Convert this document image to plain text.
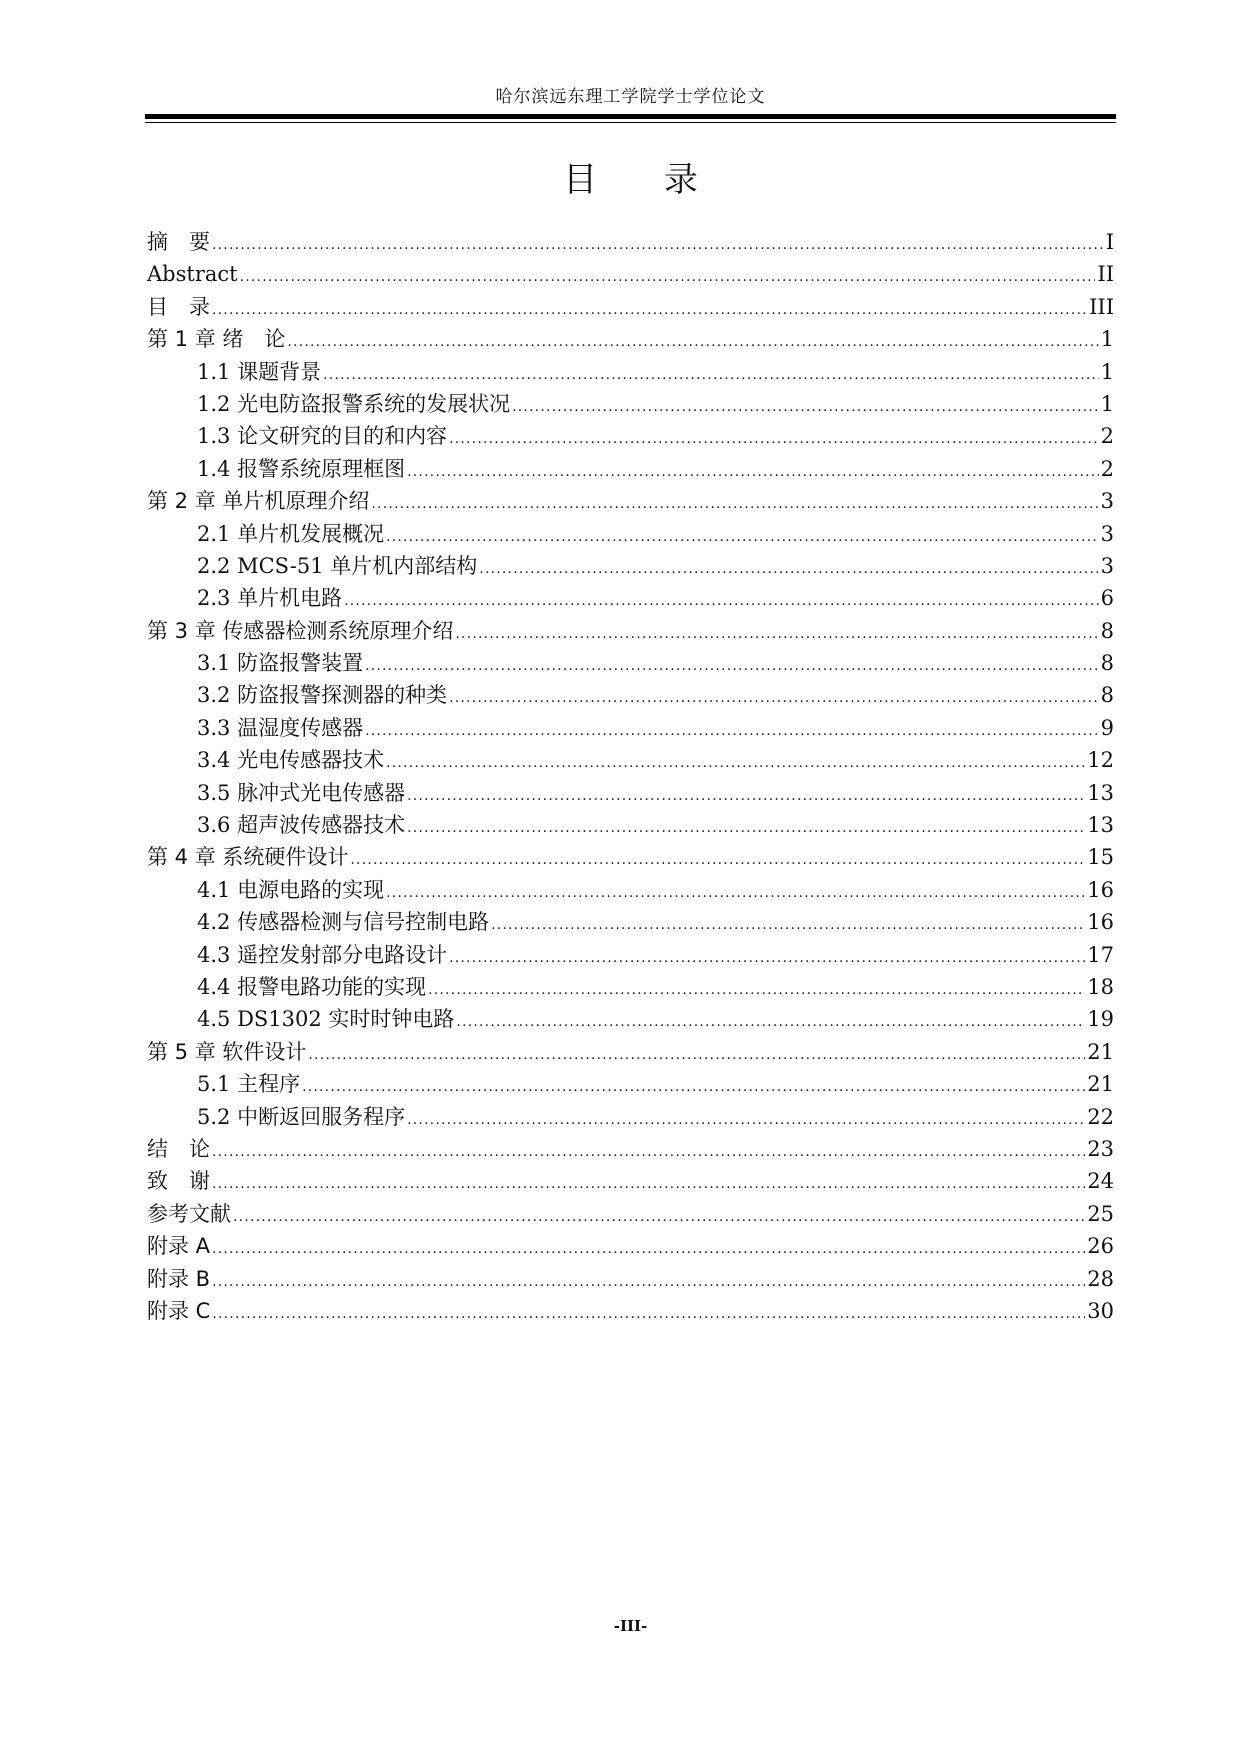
哈尔滨远东理工学院学士学位论文
目 录
摘　要 .....	I
Abstract .....	II
目　录 .....	III
第 1 章 绪　论 .....	1
1.1 课题背景 .....	1
1.2 光电防盗报警系统的发展状况 .....	1
1.3 论文研究的目的和内容 .....	2
1.4 报警系统原理框图 .....	2
第 2 章 单片机原理介绍 .....	3
2.1 单片机发展概况 .....	3
2.2 MCS-51 单片机内部结构 .....	3
2.3 单片机电路 .....	6
第 3 章 传感器检测系统原理介绍 .....	8
3.1 防盗报警装置 .....	8
3.2 防盗报警探测器的种类 .....	8
3.3 温湿度传感器 .....	9
3.4 光电传感器技术 .....	12
3.5 脉冲式光电传感器 .....	13
3.6 超声波传感器技术 .....	13
第 4 章 系统硬件设计 .....	15
4.1 电源电路的实现 .....	16
4.2 传感器检测与信号控制电路 .....	16
4.3 遥控发射部分电路设计 .....	17
4.4 报警电路功能的实现 .....	18
4.5 DS1302 实时时钟电路 .....	19
第 5 章 软件设计 .....	21
5.1 主程序 .....	21
5.2 中断返回服务程序 .....	22
结　论 .....	23
致　谢 .....	24
参考文献 .....	25
附录 A .....	26
附录 B .....	28
附录 C .....	30
-III-
